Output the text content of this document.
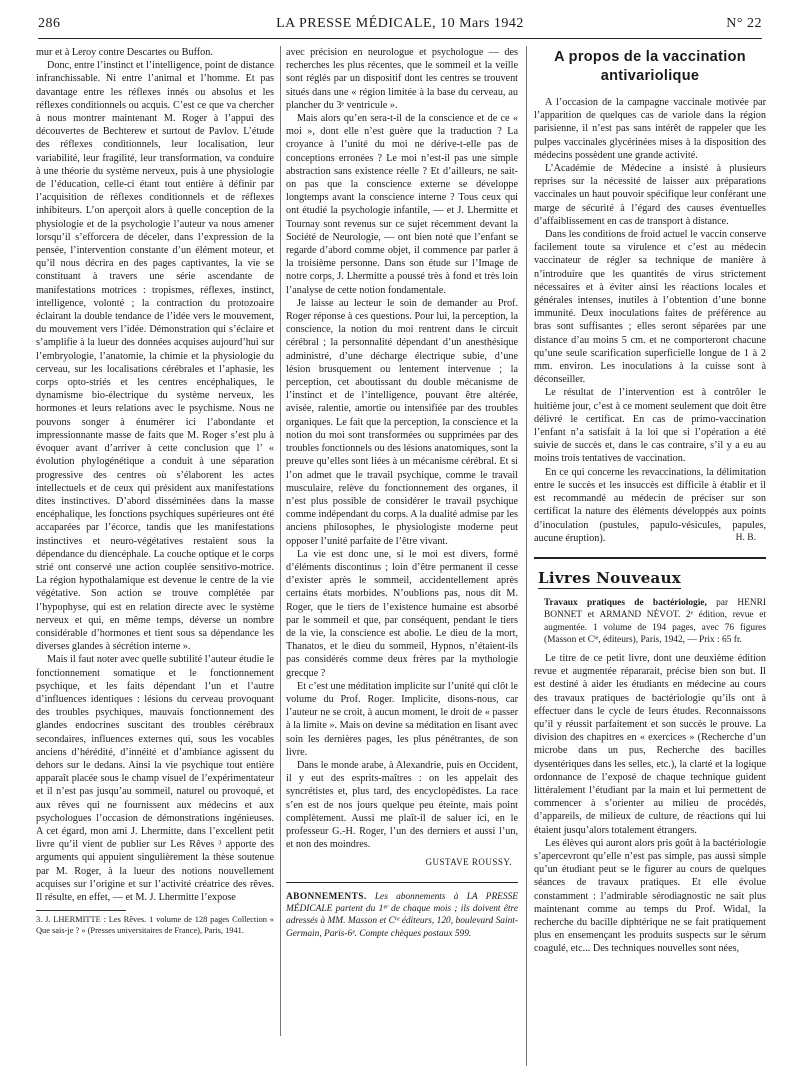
286	LA PRESSE MÉDICALE, 10 Mars 1942	N° 22

mur et à Leroy contre Descartes ou Buffon.

Donc, entre l’instinct et l’intelligence, point de distance infranchissable. Ni entre l’animal et l’homme. Et pas davantage entre les réflexes innés ou absolus et les réflexes conditionnels ou acquis. C’est ce que va chercher à nous montrer maintenant M. Roger à l’appui des découvertes de Bechterew et surtout de Pavlov. L’étude des réflexes conditionnels, leur localisation, leur variabilité, leur fragilité, leur transformation, va conduire à une théorie du système nerveux, puis à une physiologie de l’éducation, celle-ci étant tout entière à définir par l’acquisition de réflexes conditionnels et de réflexes inhibiteurs. L’on aperçoit alors à quelle conception de la physiologie et de la psychologie l’auteur va nous amener lorsqu’il s’efforcera de déceler, dans l’expression de la pensée, l’intervention constante d’un élément moteur, et qu’il nous décrira en des pages captivantes, la vie se constituant à travers une série ascendante de manifestations motrices : tropismes, réflexes, instinct, intelligence, volonté ; la contraction du protozoaire éclairant la double tendance de l’idée vers le mouvement, du mouvement vers l’idée. Démonstration qui s’éclaire et s’amplifie à la lueur des données acquises aujourd’hui sur l’embryologie, l’anatomie, la chimie et la physiologie du cerveau, sur les localisations cérébrales et l’aphasie, les corps opto-striés et les centres encéphaliques, le dynamisme bio-électrique du système nerveux, les hormones et leurs relations avec le psychisme. Nous ne pouvons songer à énumérer ici l’abondante et impressionnante masse de faits que M. Roger s’est plu à évoquer avant d’arriver à cette conclusion que l’ « évolution phylogénétique a conduit à une séparation progressive des centres où s’élaborent les actes intellectuels et de ceux qui président aux manifestations dites instinctives. D’abord disséminées dans la masse encéphalique, les fonctions psychiques supérieures ont été accaparées par l’écorce, tandis que les manifestations instinctives et neuro-végétatives restaient sous la dépendance du diencéphale. La couche optique et le corps strié ont conservé une action couplée sensitivo-motrice. La région hypothalamique est devenue le centre de la vie végétative. Son action se trouve complétée par l’hypophyse, qui est en relation directe avec le système nerveux et qui, en même temps, déverse un nombre considérable d’hormones et tient sous sa dépendance les diverses glandes à sécrétion interne ».

Mais il faut noter avec quelle subtilité l’auteur étudie le fonctionnement somatique et le fonctionnement psychique, et les faits dépendant l’un et l’autre d’influences identiques : lésions du cerveau provoquant des troubles psychiques, mauvais fonctionnement des glandes endocrines suscitant des troubles cérébraux secondaires, influences externes qui, sous les vocables anciens d’hérédité, d’innéité et d’ambiance agissent du dehors sur le dedans. Ainsi la vie psychique tout entière apparaît placée sous le champ visuel de l’expérimentateur et il n’est pas jusqu’au sommeil, naturel ou provoqué, et aux rêves qui ne fournissent aux médecins et aux psychologues l’occasion de démonstrations ingénieuses. A cet égard, mon ami J. Lhermitte, dans l’excellent petit livre qu’il vient de publier sur Les Rêves ³ apporte des arguments qui appuient singulièrement la thèse soutenue par M. Roger, à la lueur des notions nouvellement acquises sur l’origine et sur l’activité créatrice des rêves. Il résulte, en effet, — et M. J. Lhermitte l’expose

3. J. LHERMITTE : Les Rêves. 1 volume de 128 pages Collection « Que sais-je ? » (Presses universitaires de France), Paris, 1941.

avec précision en neurologue et psychologue — des recherches les plus récentes, que le sommeil et la veille sont réglés par un dispositif dont les centres se trouvent situés dans une « région limitée à la base du cerveau, au plancher du 3ᵉ ventricule ».

Mais alors qu’en sera-t-il de la conscience et de ce « moi », dont elle n’est guère que la traduction ? La croyance à l’unité du moi ne dérive-t-elle pas de conceptions erronées ? Le moi n’est-il pas une simple abstraction sans existence réelle ? Et d’ailleurs, ne sait-on pas que la conscience externe se développe longtemps avant la conscience interne ? Tous ceux qui ont étudié la psychologie infantile, — et J. Lhermitte et Tournay sont revenus sur ce sujet récemment devant la Société de Neurologie, — ont bien noté que l’enfant se regarde d’abord comme objet, il commence par parler à la troisième personne. Dans son étude sur l’Image de notre corps, J. Lhermitte a poussé très à fond et très loin l’analyse de cette notion fondamentale.

Je laisse au lecteur le soin de demander au Prof. Roger réponse à ces questions. Pour lui, la perception, la conscience, la notion du moi rentrent dans le circuit cérébral ; la personnalité dépendant d’un anesthésique administré, d’une décharge électrique subie, d’une lésion brusquement ou lentement intervenue ; la perception, cet aboutissant du double mécanisme de l’instinct et de l’intelligence, pouvant être altérée, avisée, ralentie, amortie ou intensifiée par des troubles organiques. Le fait que la perception, la conscience et la notion du moi sont transformées ou supprimées par des troubles fonctionnels ou des lésions anatomiques, sont la preuve qu’elles sont liées à un mécanisme cérébral. Et si l’on admet que le travail psychique, comme le travail musculaire, relève du fonctionnement des organes, il n’est plus possible de considérer le travail psychique comme indépendant du corps. A la dualité admise par les anciens philosophes, le physiologiste moderne peut opposer l’unité parfaite de l’être vivant.

La vie est donc une, si le moi est divers, formé d’éléments discontinus ; loin d’être permanent il cesse d’exister après le sommeil, accidentellement après certains états morbides. N’oublions pas, nous dit M. Roger, que le tiers de l’existence humaine est absorbé par le sommeil et que, par conséquent, pendant le tiers de la vie, la conscience est abolie. Le dieu de la mort, Thanatos, et le dieu du sommeil, Hypnos, n’étaient-ils pas considérés comme deux frères par la mythologie grecque ?

Et c’est une méditation implicite sur l’unité qui clôt le volume du Prof. Roger. Implicite, disons-nous, car l’auteur ne se croit, à aucun moment, le droit de « passer à la limite ». Mais on devine sa méditation en lisant avec soin les dernières pages, les plus pénétrantes, de son livre.

Dans le monde arabe, à Alexandrie, puis en Occident, il y eut des esprits-maîtres : on les appelait des syncrétistes et, plus tard, des encyclopédistes. La race s’en est de nos jours quelque peu éteinte, mais point complètement. Aussi me plaît-il de saluer ici, en le professeur G.-H. Roger, l’un des derniers et aussi l’un, et non des moindres.

GUSTAVE ROUSSY.

ABONNEMENTS. Les abonnements à LA PRESSE MÉDICALE partent du 1ᵉʳ de chaque mois ; ils doivent être adressés à MM. Masson et Cⁱᵉ éditeurs, 120, boulevard Saint-Germain, Paris-6ᵉ. Compte chèques postaux 599.

A propos de la vaccination antivariolique

A l’occasion de la campagne vaccinale motivée par l’apparition de quelques cas de variole dans la région parisienne, il n’est pas sans intérêt de rappeler que les pulpes vaccinales glycérinées mises à la disposition des médecins possèdent une grande activité.

L’Académie de Médecine a insisté à plusieurs reprises sur la nécessité de laisser aux préparations vaccinales un haut pouvoir spécifique leur conférant une marge de sécurité à l’égard des causes éventuelles d’affaiblissement en cas de transport à distance.

Dans les conditions de froid actuel le vaccin conserve facilement toute sa virulence et c’est au médecin vaccinateur de régler sa technique de manière à n’introduire que les quantités de virus strictement nécessaires et à éviter ainsi les réactions locales et générales intenses, inutiles à l’obtention d’une bonne immunité. Deux inoculations faites de préférence au bras sont suffisantes ; elles seront séparées par une distance d’au moins 5 cm. et ne comporteront chacune qu’une seule scarification superficielle longue de 1 à 2 mm. environ. Les inoculations à la cuisse sont à déconseiller.

Le résultat de l’intervention est à contrôler le huitième jour, c’est à ce moment seulement que doit être délivré le certificat. En cas de primo-vaccination l’enfant n’a satisfait à la loi que si l’opération a été suivie de succès et, dans le cas contraire, s’il y a eu au moins trois tentatives de vaccination.

En ce qui concerne les revaccinations, la délimitation entre le succès et les insuccès est difficile à établir et il est recommandé au médecin de préciser sur son certificat la nature des éléments développés aux points d’inoculation (pustules, papulo-vésicules, papules, aucune éruption).	H. B.

Livres Nouveaux

Travaux pratiques de bactériologie, par HENRI BONNET et ARMAND NÉVOT. 2ᵉ édition, revue et augmentée. 1 volume de 194 pages, avec 76 figures (Masson et Cⁱᵉ, éditeurs), Paris, 1942, — Prix : 65 fr.

Le titre de ce petit livre, dont une deuxième édition revue et augmentée répararait, précise bien son but. Il est destiné à aider les étudiants en médecine au cours des travaux pratiques de bactériologie qu’ils ont à effectuer dans le cycle de leurs études. Reconnaissons qu’il y réussit parfaitement et son succès le prouve. La division des chapitres en « exercices » (Recherche d’un microbe dans un pus, Recherche des bacilles dysentériques dans les selles, etc.), la clarté et la logique ordonnance de l’exposé de chaque technique guident littéralement l’étudiant par la main et lui permettent de commencer à s’orienter au milieu de procédés, d’appareils, de milieux de culture, de réactions qui lui étaient jusqu’alors totalement étrangers.

Les élèves qui auront alors pris goût à la bactériologie s’apercevront qu’elle n’est pas simple, pas aussi simple qu’un étudiant peut se le figurer au cours de quelques séances de travaux pratiques. Et elle évolue constamment : l’admirable sérodiagnostic ne sait plus maintenant comme au temps du Prof. Widal, la recherche du bacille diphtérique ne se fait pratiquement plus en ensemençant les produits suspects sur le sérum coagulé, etc... Des techniques nouvelles sont nées,
